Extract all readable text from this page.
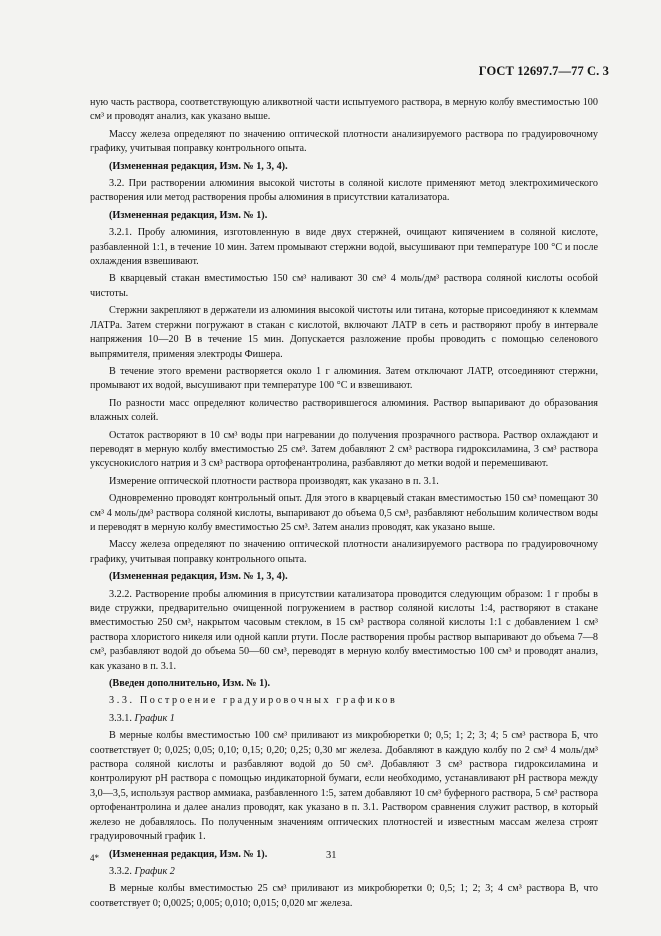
ГОСТ 12697.7—77 С. 3

ную часть раствора, соответствующую аликвотной части испытуемого раствора, в мерную колбу вместимостью 100 см³ и проводят анализ, как указано выше.

Массу железа определяют по значению оптической плотности анализируемого раствора по градуировочному графику, учитывая поправку контрольного опыта.

(Измененная редакция, Изм. № 1, 3, 4).

3.2. При растворении алюминия высокой чистоты в соляной кислоте применяют метод электрохимического растворения или метод растворения пробы алюминия в присутствии катализатора.

(Измененная редакция, Изм. № 1).

3.2.1. Пробу алюминия, изготовленную в виде двух стержней, очищают кипячением в соляной кислоте, разбавленной 1:1, в течение 10 мин. Затем промывают стержни водой, высушивают при температуре 100 °С и после охлаждения взвешивают.

В кварцевый стакан вместимостью 150 см³ наливают 30 см³ 4 моль/дм³ раствора соляной кислоты особой чистоты.

Стержни закрепляют в держатели из алюминия высокой чистоты или титана, которые присоединяют к клеммам ЛАТРа. Затем стержни погружают в стакан с кислотой, включают ЛАТР в сеть и растворяют пробу в интервале напряжения 10—20 В в течение 15 мин. Допускается разложение пробы проводить с помощью селенового выпрямителя, применяя электроды Фишера.

В течение этого времени растворяется около 1 г алюминия. Затем отключают ЛАТР, отсоединяют стержни, промывают их водой, высушивают при температуре 100 °С и взвешивают.

По разности масс определяют количество растворившегося алюминия. Раствор выпаривают до образования влажных солей.

Остаток растворяют в 10 см³ воды при нагревании до получения прозрачного раствора. Раствор охлаждают и переводят в мерную колбу вместимостью 25 см³. Затем добавляют 2 см³ раствора гидроксиламина, 3 см³ раствора уксуснокислого натрия и 3 см³ раствора ортофенантролина, разбавляют до метки водой и перемешивают.

Измерение оптической плотности раствора производят, как указано в п. 3.1.

Одновременно проводят контрольный опыт. Для этого в кварцевый стакан вместимостью 150 см³ помещают 30 см³ 4 моль/дм³ раствора соляной кислоты, выпаривают до объема 0,5 см³, разбавляют небольшим количеством воды и переводят в мерную колбу вместимостью 25 см³. Затем анализ проводят, как указано выше.

Массу железа определяют по значению оптической плотности анализируемого раствора по градуировочному графику, учитывая поправку контрольного опыта.

(Измененная редакция, Изм. № 1, 3, 4).

3.2.2. Растворение пробы алюминия в присутствии катализатора проводится следующим образом: 1 г пробы в виде стружки, предварительно очищенной погружением в раствор соляной кислоты 1:4, растворяют в стакане вместимостью 250 см³, накрытом часовым стеклом, в 15 см³ раствора соляной кислоты 1:1 с добавлением 1 см³ раствора хлористого никеля или одной капли ртути. После растворения пробы раствор выпаривают до объема 7—8 см³, разбавляют водой до объема 50—60 см³, переводят в мерную колбу вместимостью 100 см³ и проводят анализ, как указано в п. 3.1.

(Введен дополнительно, Изм. № 1).

3.3. Построение градуировочных графиков

3.3.1. График 1

В мерные колбы вместимостью 100 см³ приливают из микробюретки 0; 0,5; 1; 2; 3; 4; 5 см³ раствора Б, что соответствует 0; 0,025; 0,05; 0,10; 0,15; 0,20; 0,25; 0,30 мг железа. Добавляют в каждую колбу по 2 см³ 4 моль/дм³ раствора соляной кислоты и разбавляют водой до 50 см³. Добавляют 3 см³ раствора гидроксиламина и контролируют рН раствора с помощью индикаторной бумаги, если необходимо, устанавливают рН раствора между 3,0—3,5, используя раствор аммиака, разбавленного 1:5, затем добавляют 10 см³ буферного раствора, 5 см³ раствора ортофенантролина и далее анализ проводят, как указано в п. 3.1. Раствором сравнения служит раствор, в который железо не добавлялось. По полученным значениям оптических плотностей и известным массам железа строят градуировочный график 1.

(Измененная редакция, Изм. № 1).

3.3.2. График 2

В мерные колбы вместимостью 25 см³ приливают из микробюретки 0; 0,5; 1; 2; 3; 4 см³ раствора В, что соответствует 0; 0,0025; 0,005; 0,010; 0,015; 0,020 мг железа.

4*	31
